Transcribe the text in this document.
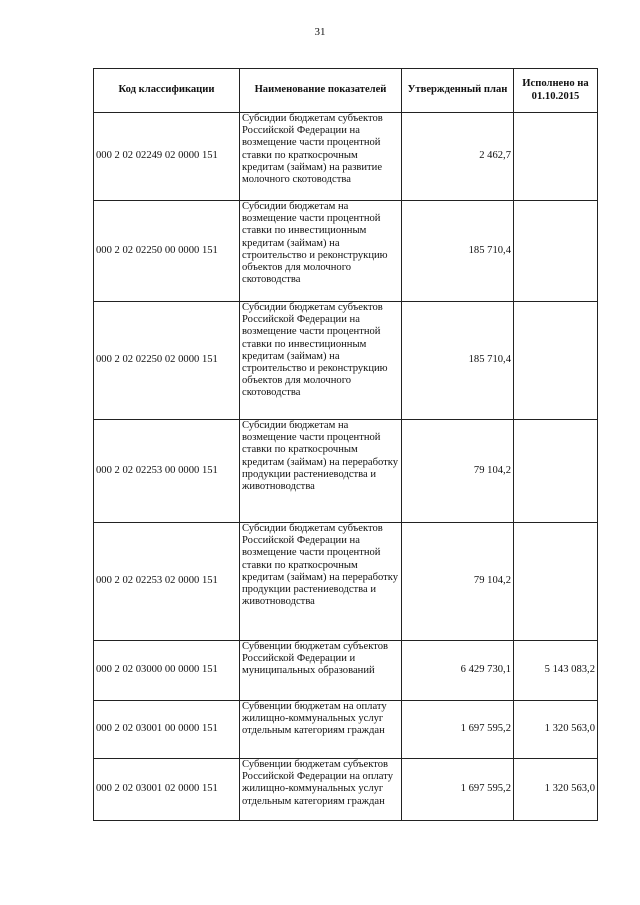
31
Код классификации	Наименование показателей	Утвержденный план	Исполнено на 01.10.2015
000 2 02 02249 02 0000 151	Субсидии бюджетам субъектов Российской Федерации на возмещение части процентной ставки по краткосрочным кредитам (займам) на развитие молочного скотоводства	2 462,7	
000 2 02 02250 00 0000 151	Субсидии бюджетам на возмещение части процентной ставки по инвестиционным кредитам (займам) на строительство и реконструкцию объектов для молочного скотоводства	185 710,4	
000 2 02 02250 02 0000 151	Субсидии бюджетам субъектов Российской Федерации на возмещение части процентной ставки по инвестиционным кредитам (займам) на строительство и реконструкцию объектов для молочного скотоводства	185 710,4	
000 2 02 02253 00 0000 151	Субсидии бюджетам на возмещение части процентной ставки по краткосрочным кредитам (займам) на переработку продукции растениеводства и животноводства	79 104,2	
000 2 02 02253 02 0000 151	Субсидии бюджетам субъектов Российской Федерации на возмещение части процентной ставки по краткосрочным кредитам (займам) на переработку продукции растениеводства и животноводства	79 104,2	
000 2 02 03000 00 0000 151	Субвенции бюджетам субъектов Российской Федерации и муниципальных образований	6 429 730,1	5 143 083,2
000 2 02 03001 00 0000 151	Субвенции бюджетам на оплату жилищно-коммунальных услуг отдельным категориям граждан	1 697 595,2	1 320 563,0
000 2 02 03001 02 0000 151	Субвенции бюджетам субъектов Российской Федерации на оплату жилищно-коммунальных услуг отдельным категориям граждан	1 697 595,2	1 320 563,0
